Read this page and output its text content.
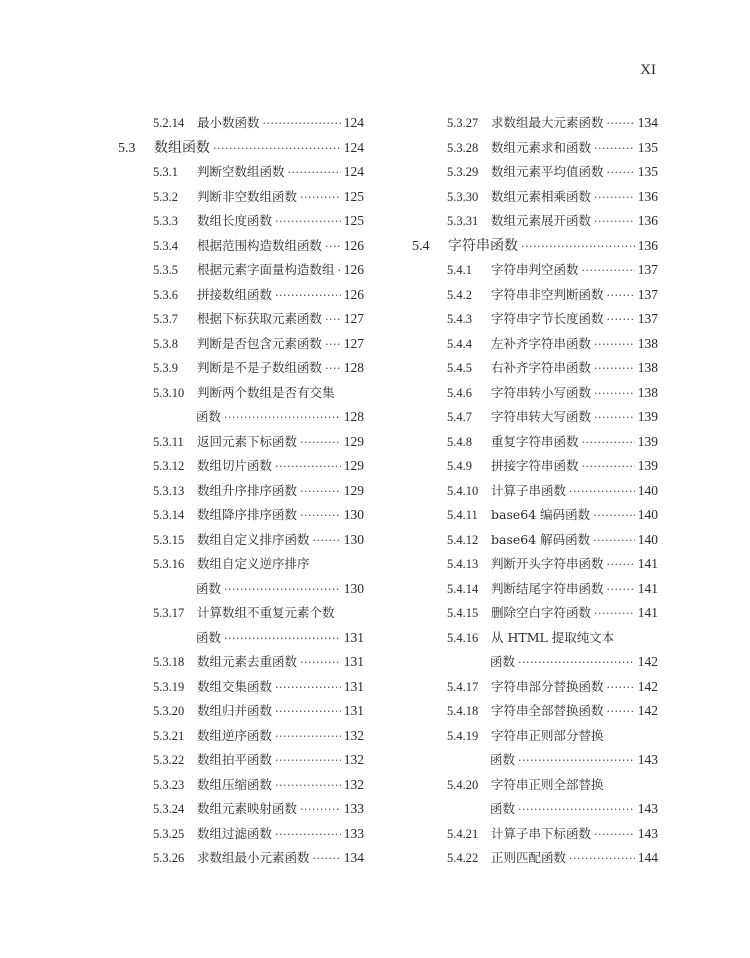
XI
5.2.14	最小数函数 ·····	124
5.3	数组函数 ·····	124
5.3.1	判断空数组函数 ·····	124
5.3.2	判断非空数组函数 ·····	125
5.3.3	数组长度函数 ·····	125
5.3.4	根据范围构造数组函数 ····· 126
5.3.5	根据元素字面量构造数组 ····· 126
5.3.6	拼接数组函数 ·····	126
5.3.7	根据下标获取元素函数 ····· 127
5.3.8	判断是否包含元素函数 ····· 127
5.3.9	判断是不是子数组函数 ····· 128
5.3.10	判断两个数组是否有交集
函数 ·····	128
5.3.11	返回元素下标函数 ·····	129
5.3.12	数组切片函数 ·····	129
5.3.13	数组升序排序函数 ·····	129
5.3.14	数组降序排序函数 ·····	130
5.3.15	数组自定义排序函数 ·····	130
5.3.16	数组自定义逆序排序
函数 ·····	130
5.3.17	计算数组不重复元素个数
函数 ·····	131
5.3.18	数组元素去重函数 ·····	131
5.3.19	数组交集函数 ·····	131
5.3.20	数组归并函数 ·····	131
5.3.21	数组逆序函数 ·····	132
5.3.22	数组拍平函数 ·····	132
5.3.23	数组压缩函数 ·····	132
5.3.24	数组元素映射函数 ·····	133
5.3.25	数组过滤函数 ·····	133
5.3.26	求数组最小元素函数 ·····	134
5.3.27	求数组最大元素函数 ·····	134
5.3.28	数组元素求和函数 ·····	135
5.3.29	数组元素平均值函数 ·····	135
5.3.30	数组元素相乘函数 ·····	136
5.3.31	数组元素展开函数 ·····	136
5.4	字符串函数 ·····	136
5.4.1	字符串判空函数 ·····	137
5.4.2	字符串非空判断函数 ·····	137
5.4.3	字符串字节长度函数 ·····	137
5.4.4	左补齐字符串函数 ·····	138
5.4.5	右补齐字符串函数 ·····	138
5.4.6	字符串转小写函数 ·····	138
5.4.7	字符串转大写函数 ·····	139
5.4.8	重复字符串函数 ·····	139
5.4.9	拼接字符串函数 ·····	139
5.4.10	计算子串函数 ·····	140
5.4.11	base64 编码函数 ·····	140
5.4.12	base64 解码函数 ·····	140
5.4.13	判断开头字符串函数 ·····	141
5.4.14	判断结尾字符串函数 ·····	141
5.4.15	删除空白字符函数 ·····	141
5.4.16	从 HTML 提取纯文本
函数 ·····	142
5.4.17	字符串部分替换函数 ·····	142
5.4.18	字符串全部替换函数 ·····	142
5.4.19	字符串正则部分替换
函数 ·····	143
5.4.20	字符串正则全部替换
函数 ·····	143
5.4.21	计算子串下标函数 ·····	143
5.4.22	正则匹配函数 ·····	144
